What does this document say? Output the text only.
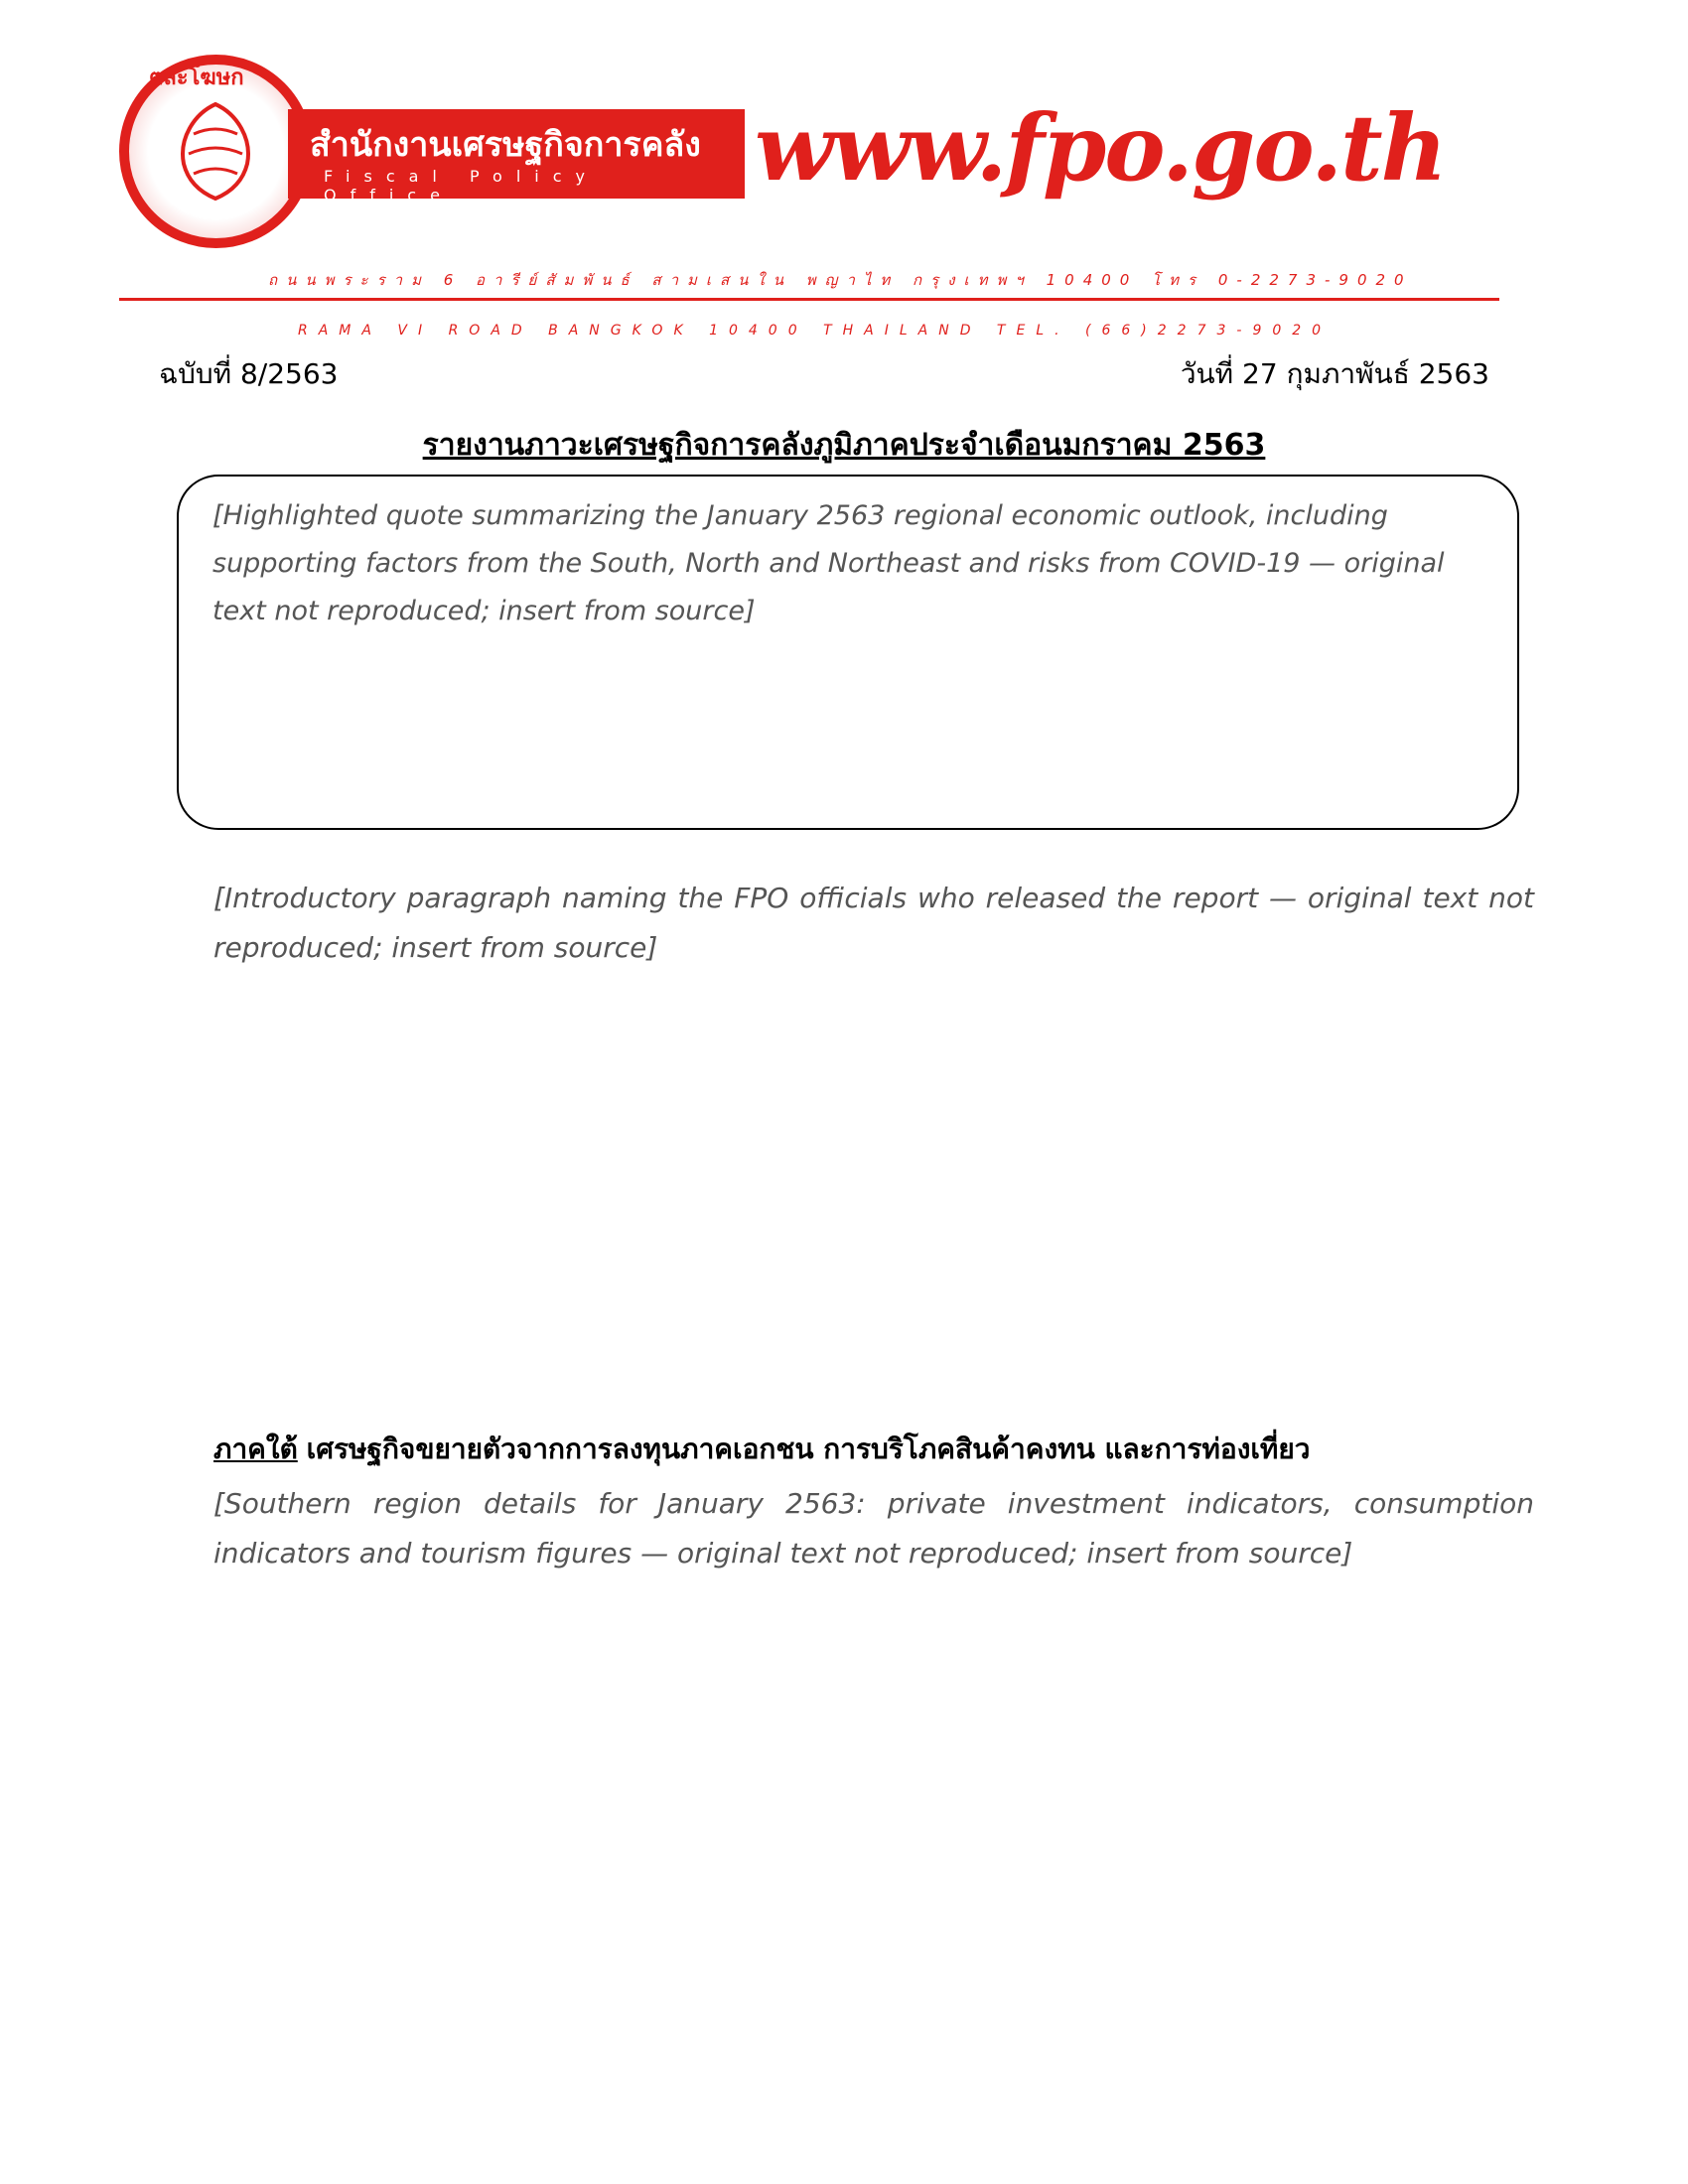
ตละโฆษก
สำนักงานเศรษฐกิจการคลัง
Fiscal Policy Office	www.fpo.go.th
ถนนพระราม 6 อารีย์สัมพันธ์ สามเสนใน พญาไท กรุงเทพฯ 10400 โทร 0-2273-9020
RAMA VI ROAD BANGKOK 10400 THAILAND TEL. (66)2273-9020
ฉบับที่ 8/2563	วันที่ 27 กุมภาพันธ์ 2563
รายงานภาวะเศรษฐกิจการคลังภูมิภาคประจำเดือนมกราคม 2563
[Highlighted quote summarizing the January 2563 regional economic outlook, including supporting factors from the South, North and Northeast and risks from COVID-19 — original text not reproduced; insert from source]
[Introductory paragraph naming the FPO officials who released the report — original text not reproduced; insert from source]
ภาคใต้ เศรษฐกิจขยายตัวจากการลงทุนภาคเอกชน การบริโภคสินค้าคงทน และการท่องเที่ยว
[Southern region details for January 2563: private investment indicators, consumption indicators and tourism figures — original text not reproduced; insert from source]
